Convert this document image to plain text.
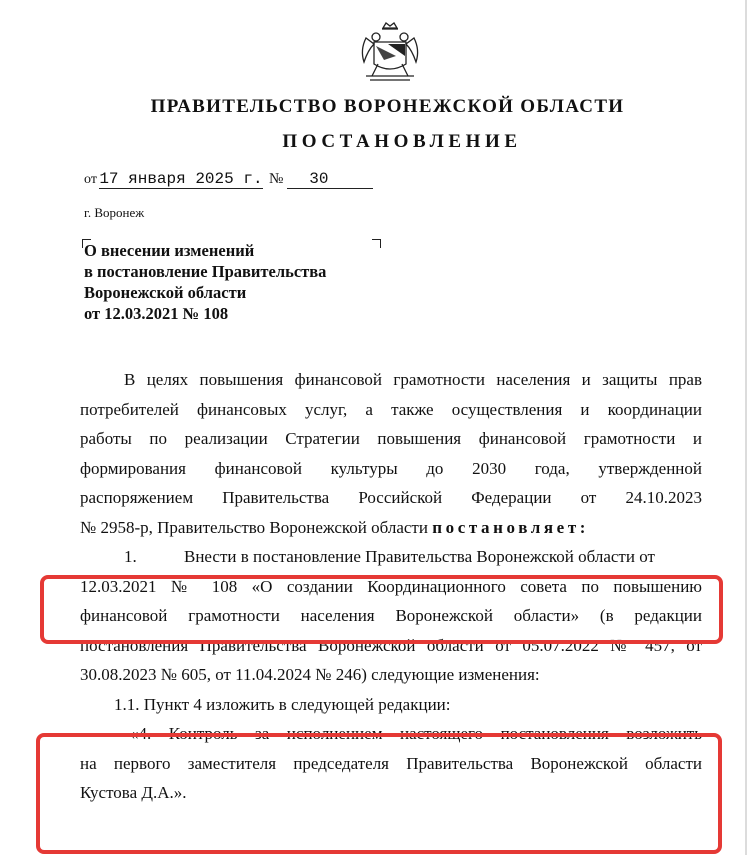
ПРАВИТЕЛЬСТВО ВОРОНЕЖСКОЙ ОБЛАСТИ
ПОСТАНОВЛЕНИЕ
от 17 января 2025 г. № 30
г. Воронеж
О внесении изменений
в постановление Правительства
Воронежской области
от 12.03.2021 № 108
В целях повышения финансовой грамотности населения и защиты прав
потребителей финансовых услуг, а также осуществления и координации
работы по реализации Стратегии повышения финансовой грамотности и
формирования финансовой культуры до 2030 года, утвержденной
распоряжением Правительства Российской Федерации от 24.10.2023
№ 2958-р, Правительство Воронежской области постановляет:
1.	Внести в постановление Правительства Воронежской области от
12.03.2021 № 108 «О создании Координационного совета по повышению
финансовой грамотности населения Воронежской области» (в редакции
постановления Правительства Воронежской области от 05.07.2022 № 457, от
30.08.2023 № 605, от 11.04.2024 № 246) следующие изменения:
1.1. Пункт 4 изложить в следующей редакции:
«4. Контроль за исполнением настоящего постановления возложить
на первого заместителя председателя Правительства Воронежской области
Кустова Д.А.».
